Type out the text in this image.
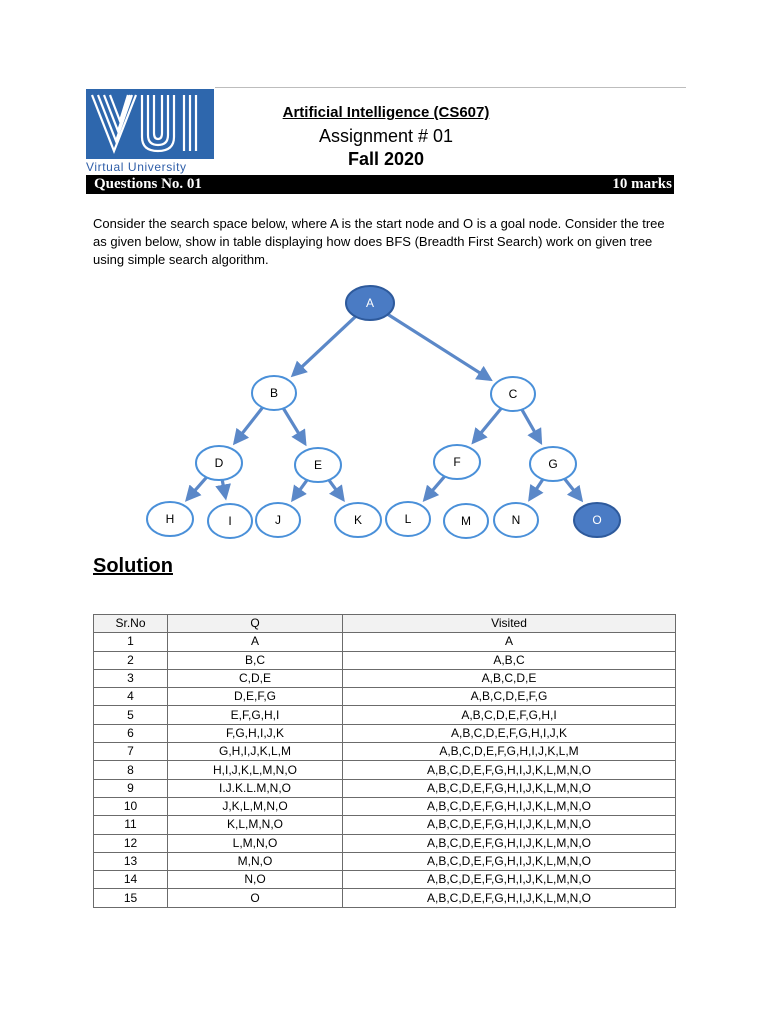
Virtual University
Artificial Intelligence (CS607)
Assignment # 01
Fall 2020
Questions No. 01	10 marks
Consider the search space below, where A is the start node and O is a goal node. Consider the tree as given below, show in table displaying how does BFS (Breadth First Search) work on given tree using simple search algorithm.
A
B	C
D	E	F	G
H	I	J	K	L	M	N	O
Solution
Sr.No	Q	Visited
1	A	A
2	B,C	A,B,C
3	C,D,E	A,B,C,D,E
4	D,E,F,G	A,B,C,D,E,F,G
5	E,F,G,H,I	A,B,C,D,E,F,G,H,I
6	F,G,H,I,J,K	A,B,C,D,E,F,G,H,I,J,K
7	G,H,I,J,K,L,M	A,B,C,D,E,F,G,H,I,J,K,L,M
8	H,I,J,K,L,M,N,O	A,B,C,D,E,F,G,H,I,J,K,L,M,N,O
9	I.J.K.L.M,N,O	A,B,C,D,E,F,G,H,I,J,K,L,M,N,O
10	J,K,L,M,N,O	A,B,C,D,E,F,G,H,I,J,K,L,M,N,O
11	K,L,M,N,O	A,B,C,D,E,F,G,H,I,J,K,L,M,N,O
12	L,M,N,O	A,B,C,D,E,F,G,H,I,J,K,L,M,N,O
13	M,N,O	A,B,C,D,E,F,G,H,I,J,K,L,M,N,O
14	N,O	A,B,C,D,E,F,G,H,I,J,K,L,M,N,O
15	O	A,B,C,D,E,F,G,H,I,J,K,L,M,N,O
